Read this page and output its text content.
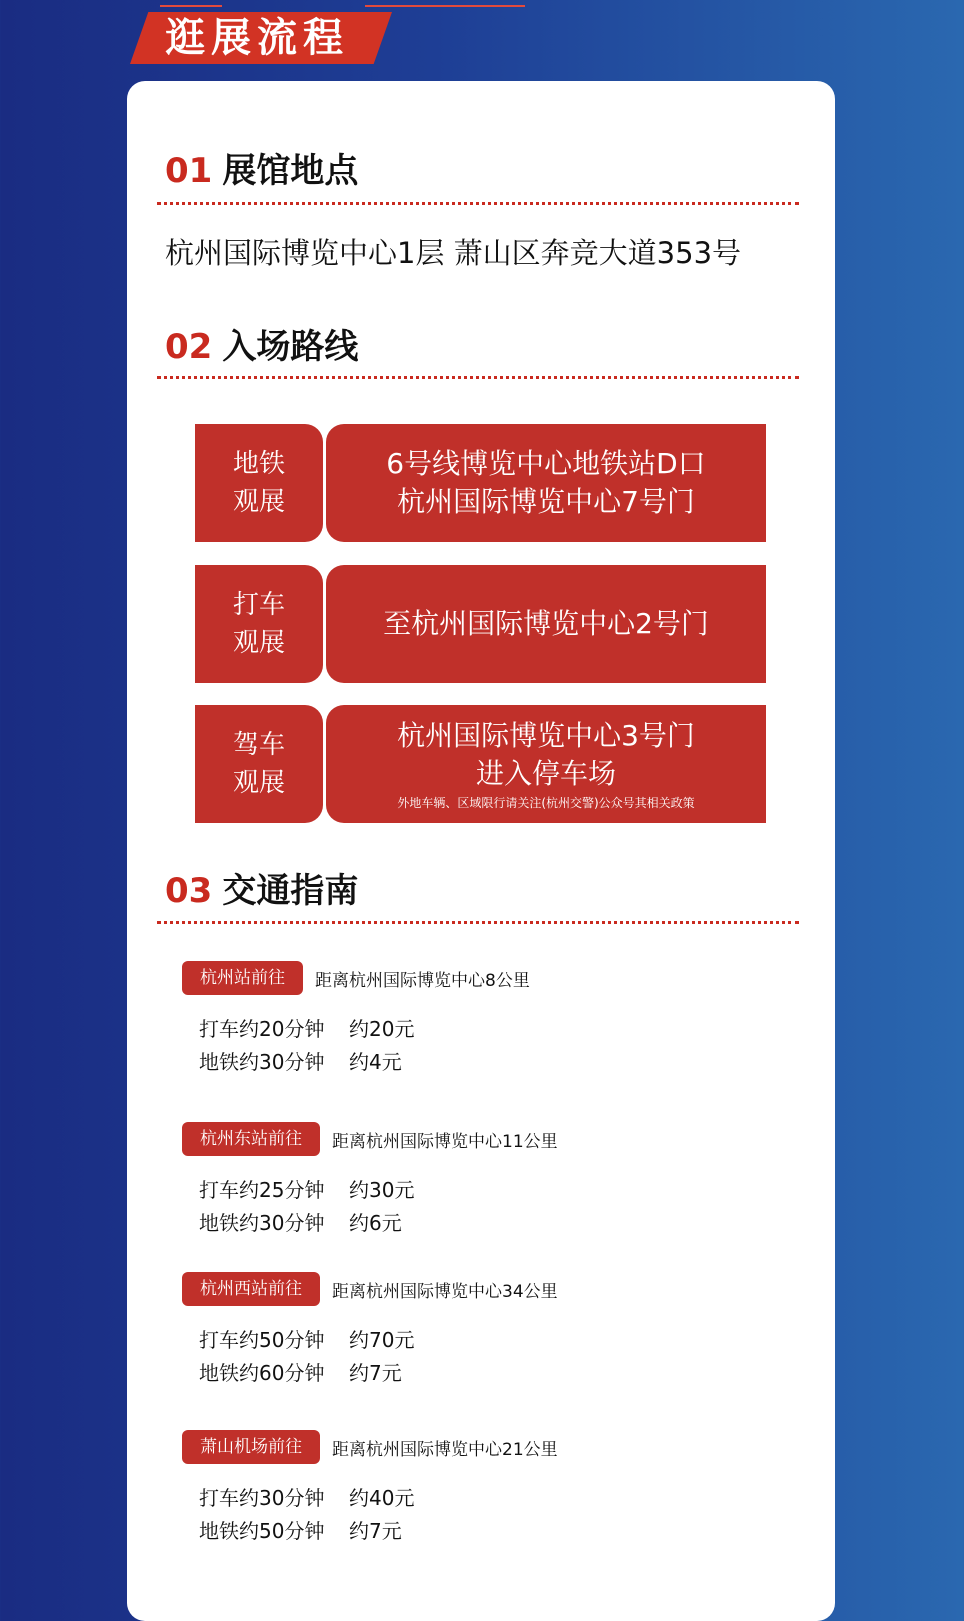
逛展流程
01 展馆地点
杭州国际博览中心1层 萧山区奔竞大道353号
02 入场路线
地铁
观展
6号线博览中心地铁站D口
杭州国际博览中心7号门
打车
观展
至杭州国际博览中心2号门
驾车
观展
杭州国际博览中心3号门
进入停车场
外地车辆、区域限行请关注(杭州交警)公众号其相关政策
03 交通指南
杭州站前往 距离杭州国际博览中心8公里
打车约20分钟 约20元
地铁约30分钟 约4元
杭州东站前往 距离杭州国际博览中心11公里
打车约25分钟 约30元
地铁约30分钟 约6元
杭州西站前往 距离杭州国际博览中心34公里
打车约50分钟 约70元
地铁约60分钟 约7元
萧山机场前往 距离杭州国际博览中心21公里
打车约30分钟 约40元
地铁约50分钟 约7元
